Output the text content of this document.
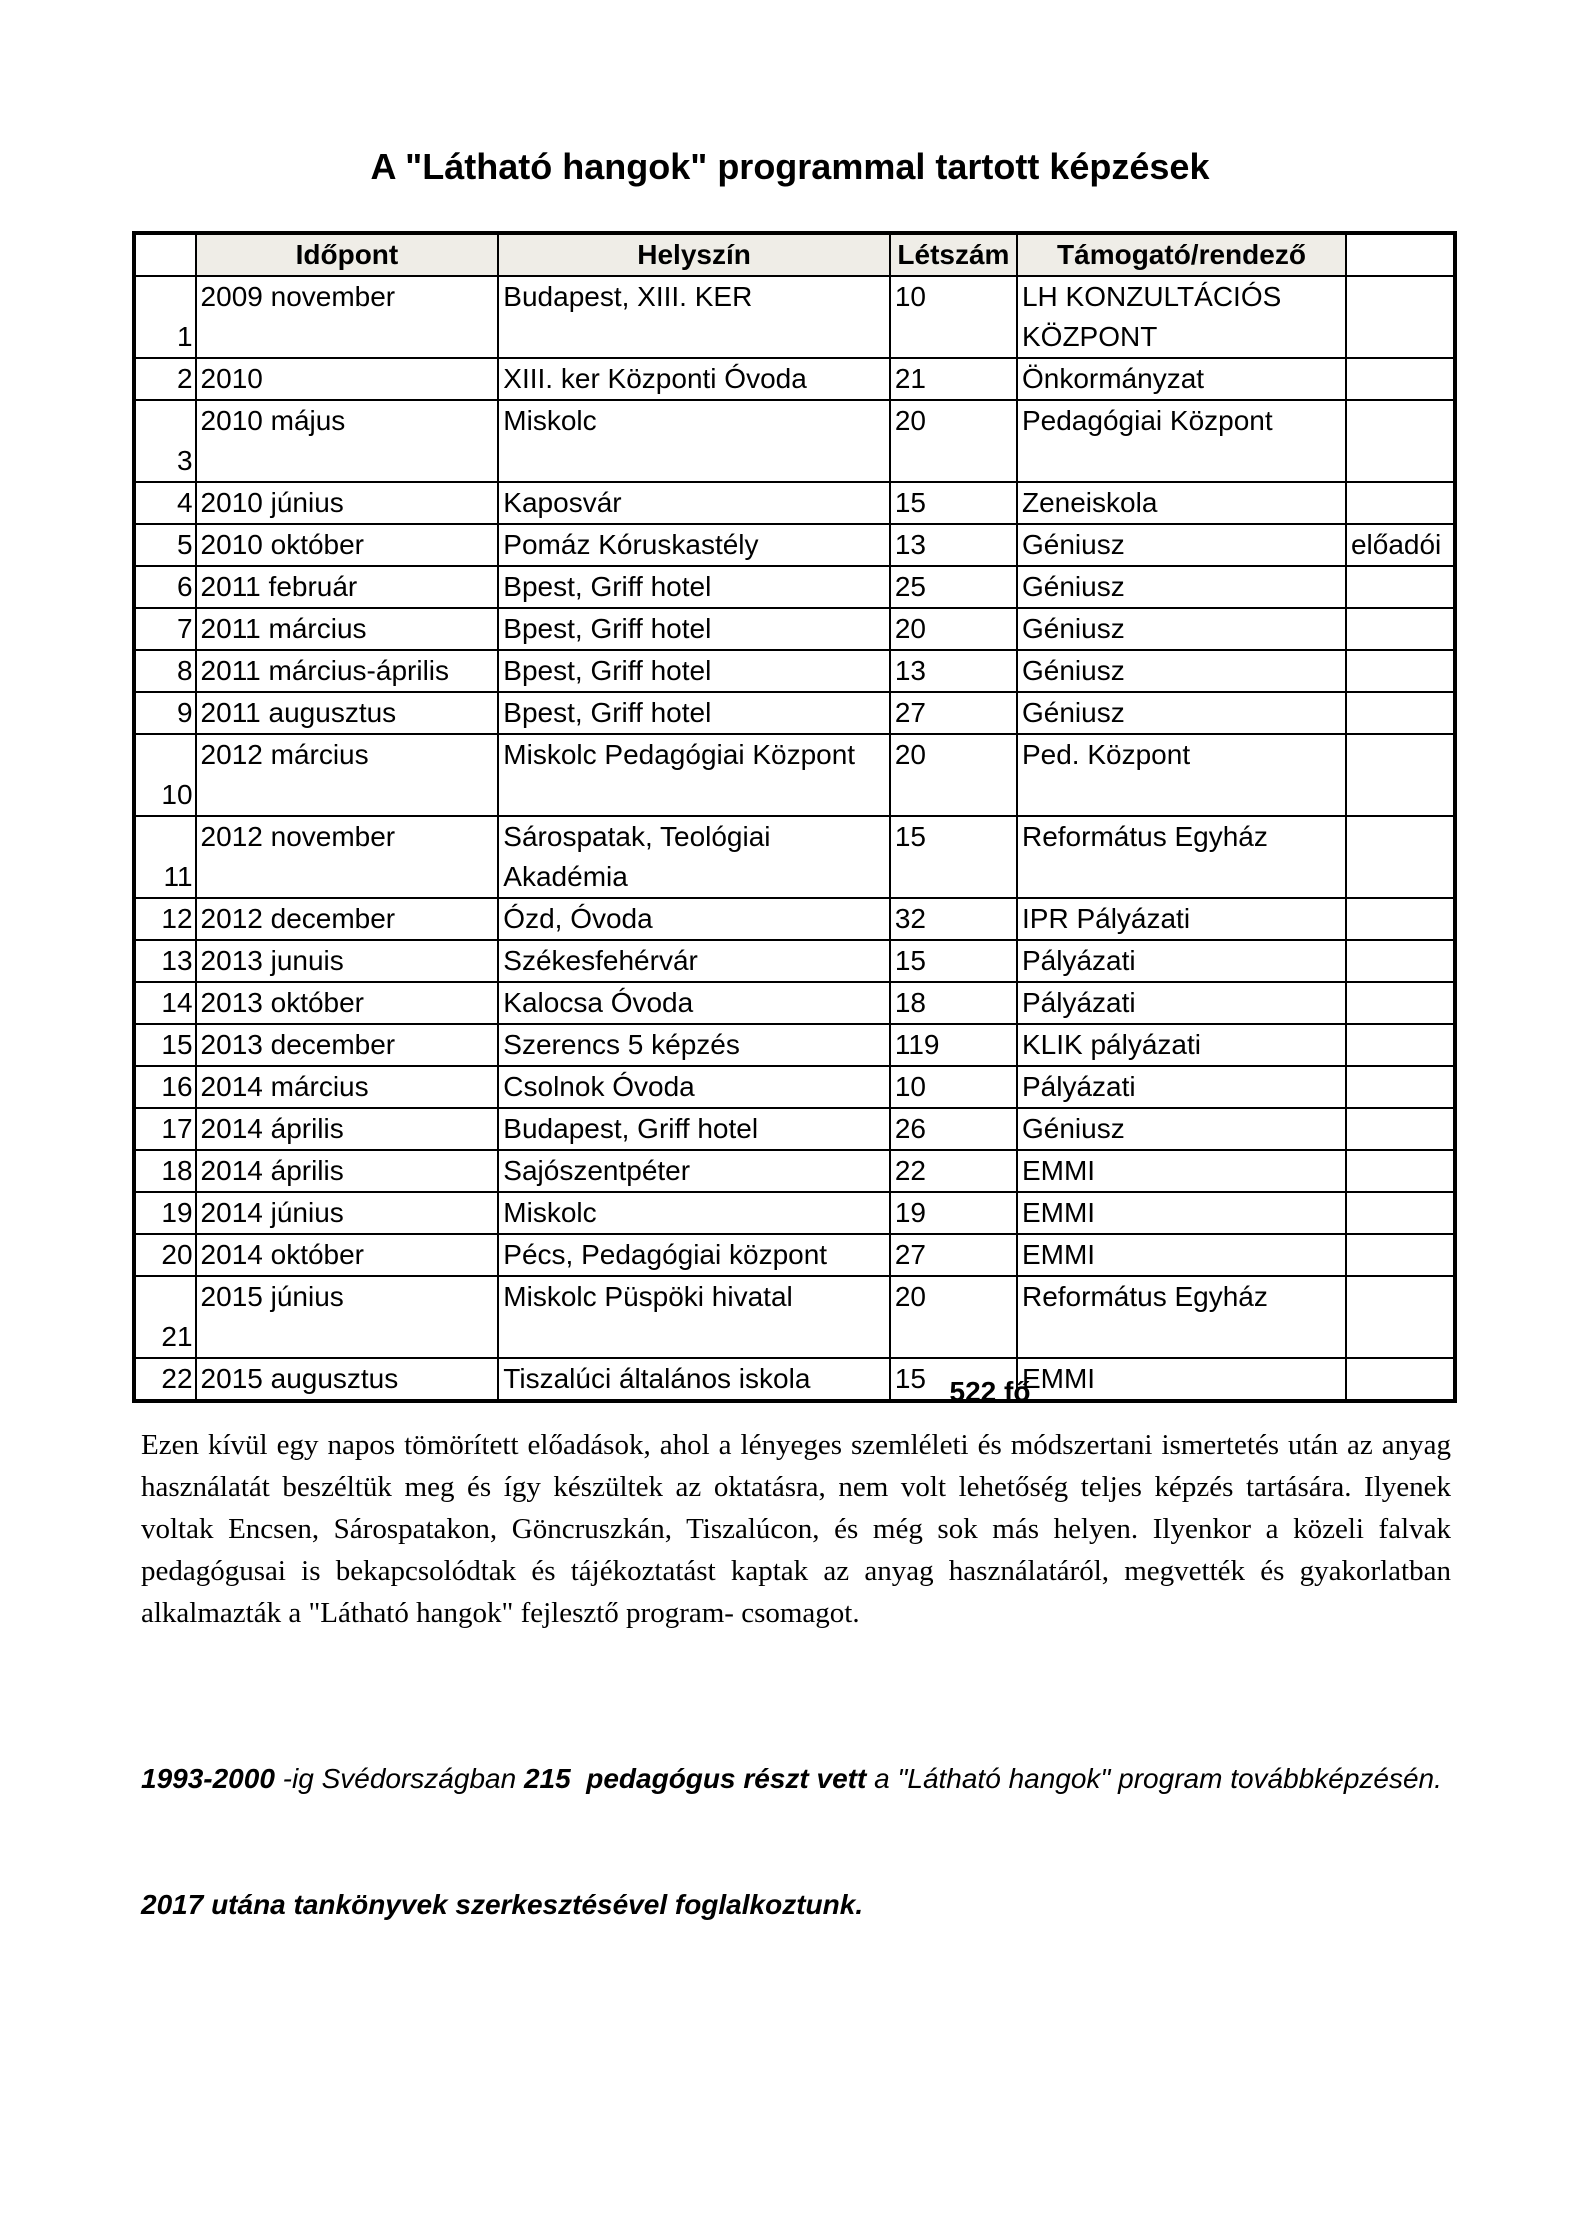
A "Látható hangok" programmal tartott képzések
	Időpont	Helyszín	Létszám	Támogató/rendező	
1	2009 november	Budapest, XIII. KER	10	LH KONZULTÁCIÓS KÖZPONT	
2	2010	XIII. ker Központi Óvoda	21	Önkormányzat	
3	2010 május	Miskolc	20	Pedagógiai Központ	
4	2010 június	Kaposvár	15	Zeneiskola	
5	2010 október	Pomáz Kóruskastély	13	Géniusz	előadói
6	2011 február	Bpest, Griff hotel	25	Géniusz	
7	2011 március	Bpest, Griff hotel	20	Géniusz	
8	2011 március-április	Bpest, Griff hotel	13	Géniusz	
9	2011 augusztus	Bpest, Griff hotel	27	Géniusz	
10	2012 március	Miskolc Pedagógiai Központ	20	Ped. Központ	
11	2012 november	Sárospatak, Teológiai Akadémia	15	Református Egyház	
12	2012 december	Ózd, Óvoda	32	IPR Pályázati	
13	2013 junuis	Székesfehérvár	15	Pályázati	
14	2013 október	Kalocsa Óvoda	18	Pályázati	
15	2013 december	Szerencs 5 képzés	119	KLIK pályázati	
16	2014 március	Csolnok Óvoda	10	Pályázati	
17	2014 április	Budapest, Griff hotel	26	Géniusz	
18	2014 április	Sajószentpéter	22	EMMI	
19	2014 június	Miskolc	19	EMMI	
20	2014 október	Pécs, Pedagógiai központ	27	EMMI	
21	2015 június	Miskolc Püspöki hivatal	20	Református Egyház	
22	2015 augusztus	Tiszalúci általános iskola	15	EMMI	
522 fő
Ezen kívül egy napos tömörített előadások, ahol a lényeges szemléleti és módszertani ismertetés után az anyag használatát beszéltük meg és így készültek az oktatásra, nem volt lehetőség teljes képzés tartására. Ilyenek voltak Encsen, Sárospatakon, Göncruszkán, Tiszalúcon, és még sok más helyen. Ilyenkor a közeli falvak pedagógusai is bekapcsolódtak és tájékoztatást kaptak az anyag használatáról, megvették és gyakorlatban alkalmazták a "Látható hangok" fejlesztő program- csomagot.
1993-2000 -ig Svédországban 215 pedagógus részt vett a "Látható hangok" program továbbképzésén.
2017 utána tankönyvek szerkesztésével foglalkoztunk.
